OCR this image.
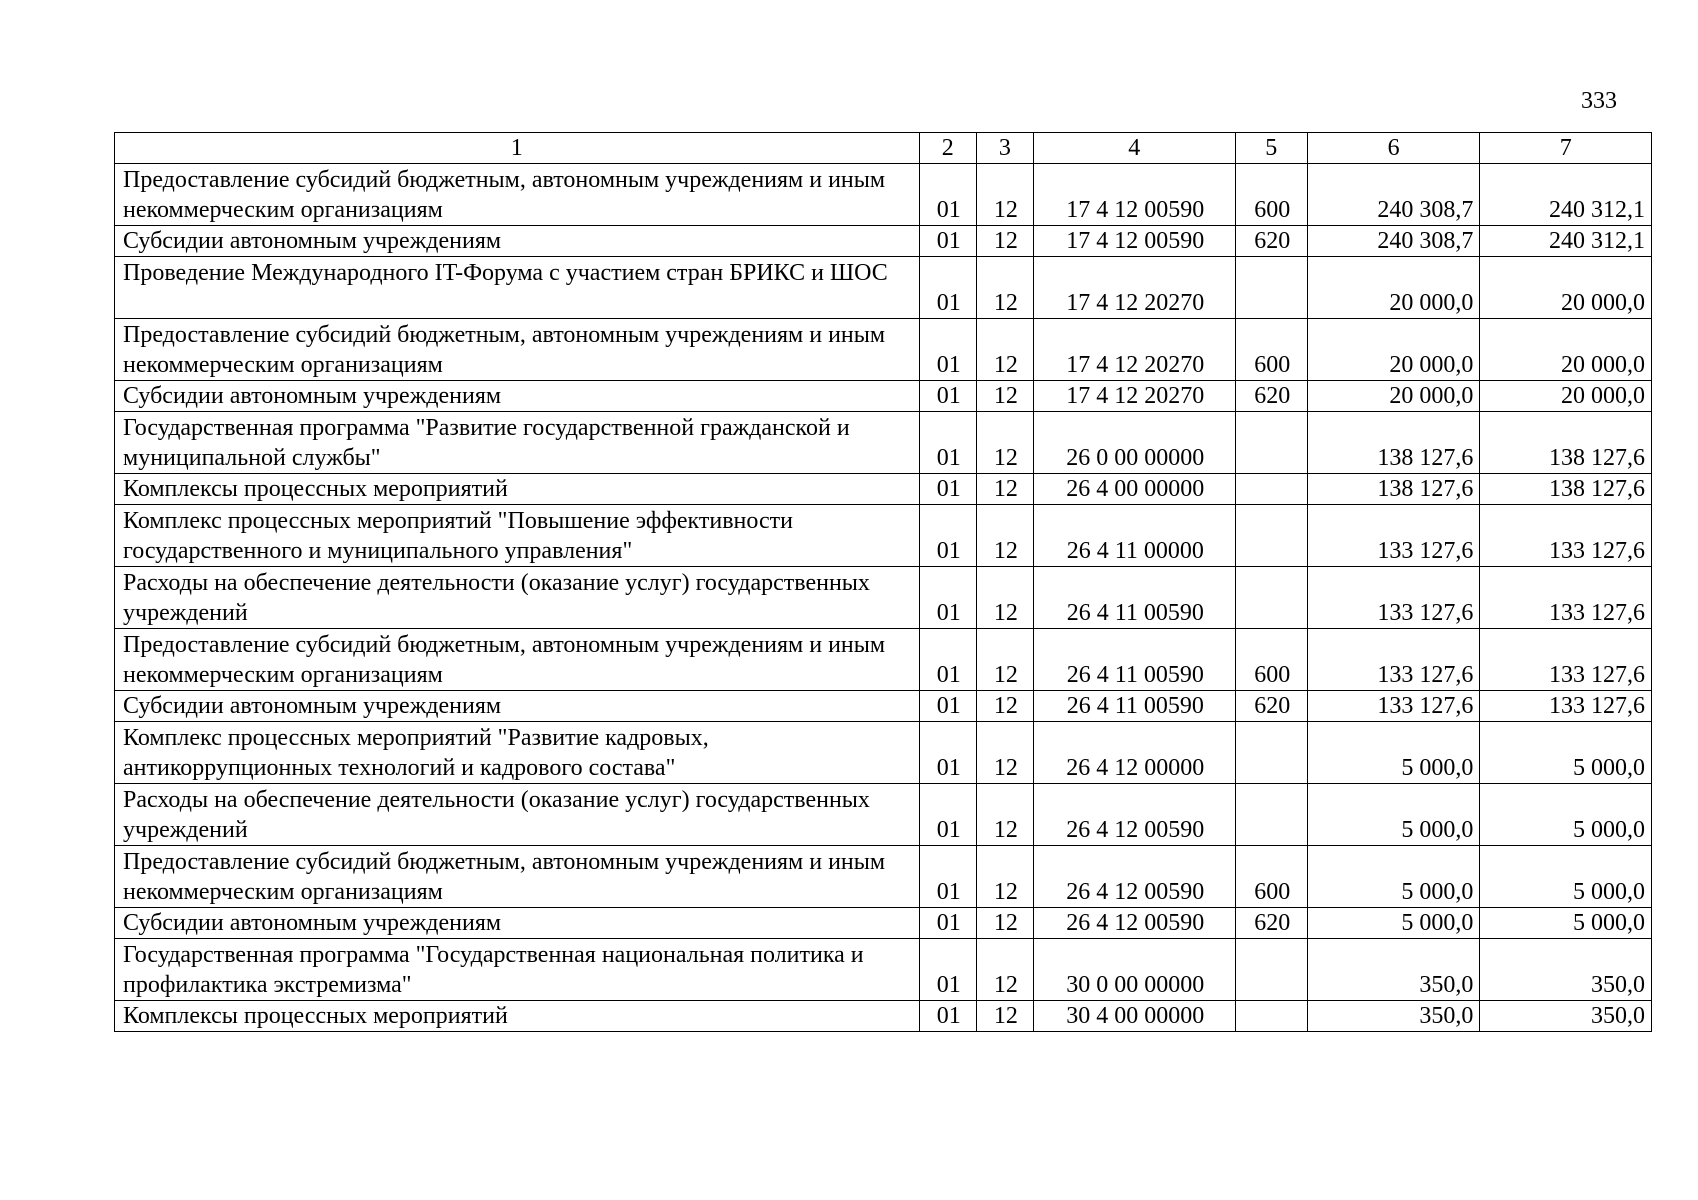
333
1	2	3	4	5	6	7
Предоставление субсидий бюджетным, автономным учреждениям и иным некоммерческим организациям	01	12	17 4 12 00590	600	240 308,7	240 312,1
Субсидии автономным учреждениям	01	12	17 4 12 00590	620	240 308,7	240 312,1
Проведение Международного IT-Форума с участием стран БРИКС и ШОС	01	12	17 4 12 20270		20 000,0	20 000,0
Предоставление субсидий бюджетным, автономным учреждениям и иным некоммерческим организациям	01	12	17 4 12 20270	600	20 000,0	20 000,0
Субсидии автономным учреждениям	01	12	17 4 12 20270	620	20 000,0	20 000,0
Государственная программа "Развитие государственной гражданской и муниципальной службы"	01	12	26 0 00 00000		138 127,6	138 127,6
Комплексы процессных мероприятий	01	12	26 4 00 00000		138 127,6	138 127,6
Комплекс процессных мероприятий "Повышение эффективности государственного и муниципального управления"	01	12	26 4 11 00000		133 127,6	133 127,6
Расходы на обеспечение деятельности (оказание услуг) государственных учреждений	01	12	26 4 11 00590		133 127,6	133 127,6
Предоставление субсидий бюджетным, автономным учреждениям и иным некоммерческим организациям	01	12	26 4 11 00590	600	133 127,6	133 127,6
Субсидии автономным учреждениям	01	12	26 4 11 00590	620	133 127,6	133 127,6
Комплекс процессных мероприятий "Развитие кадровых, антикоррупционных технологий и кадрового состава"	01	12	26 4 12 00000		5 000,0	5 000,0
Расходы на обеспечение деятельности (оказание услуг) государственных учреждений	01	12	26 4 12 00590		5 000,0	5 000,0
Предоставление субсидий бюджетным, автономным учреждениям и иным некоммерческим организациям	01	12	26 4 12 00590	600	5 000,0	5 000,0
Субсидии автономным учреждениям	01	12	26 4 12 00590	620	5 000,0	5 000,0
Государственная программа "Государственная национальная политика и профилактика экстремизма"	01	12	30 0 00 00000		350,0	350,0
Комплексы процессных мероприятий	01	12	30 4 00 00000		350,0	350,0
